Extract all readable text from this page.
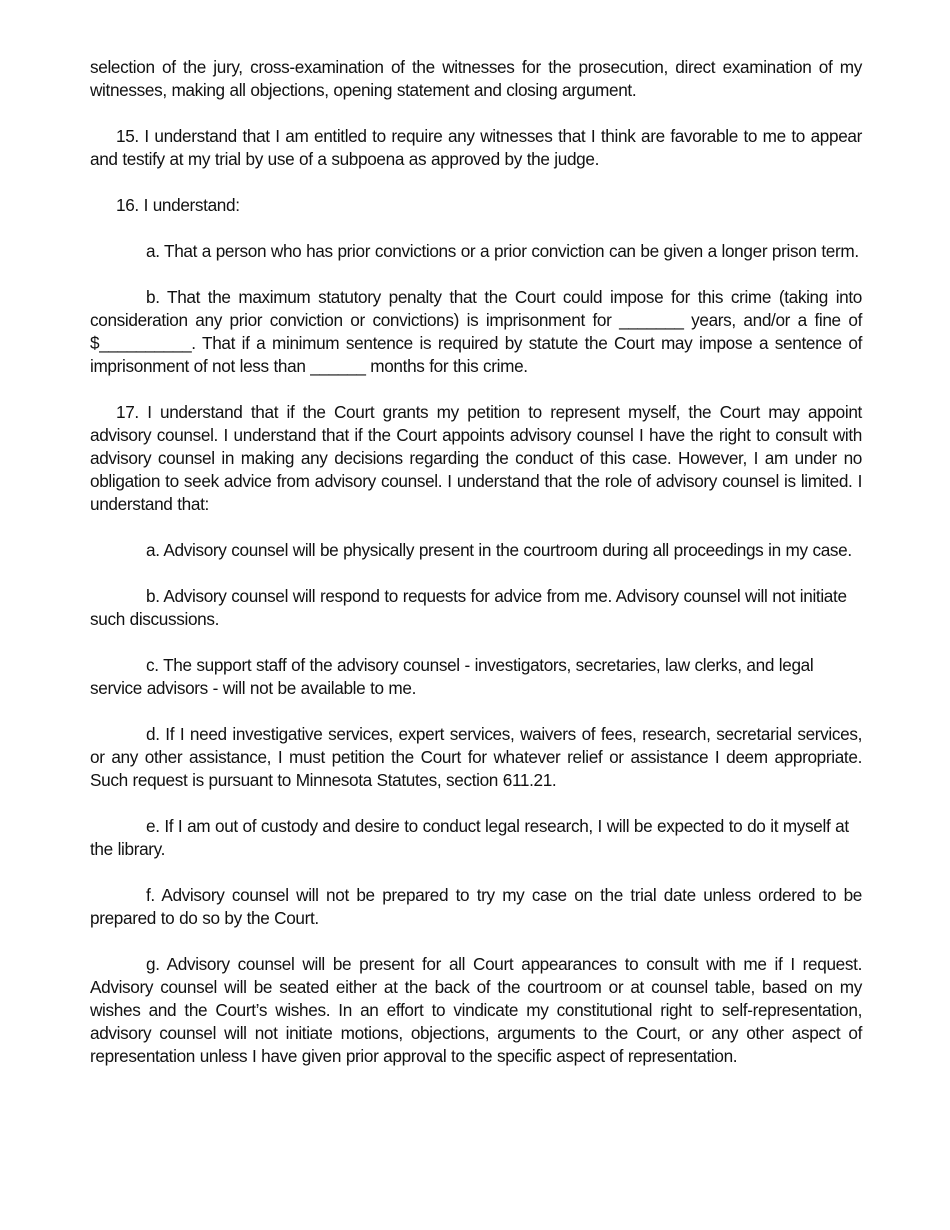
selection of the jury, cross-examination of the witnesses for the prosecution, direct examination of my witnesses, making all objections, opening statement and closing argument.

15. I understand that I am entitled to require any witnesses that I think are favorable to me to appear and testify at my trial by use of a subpoena as approved by the judge.

16. I understand:

a. That a person who has prior convictions or a prior conviction can be given a longer prison term.

b. That the maximum statutory penalty that the Court could impose for this crime (taking into consideration any prior conviction or convictions) is imprisonment for _______ years, and/or a fine of $__________. That if a minimum sentence is required by statute the Court may impose a sentence of imprisonment of not less than ______ months for this crime.

17. I understand that if the Court grants my petition to represent myself, the Court may appoint advisory counsel. I understand that if the Court appoints advisory counsel I have the right to consult with advisory counsel in making any decisions regarding the conduct of this case. However, I am under no obligation to seek advice from advisory counsel. I understand that the role of advisory counsel is limited. I understand that:

a. Advisory counsel will be physically present in the courtroom during all proceedings in my case.

b. Advisory counsel will respond to requests for advice from me. Advisory counsel will not initiate such discussions.

c. The support staff of the advisory counsel - investigators, secretaries, law clerks, and legal service advisors - will not be available to me.

d. If I need investigative services, expert services, waivers of fees, research, secretarial services, or any other assistance, I must petition the Court for whatever relief or assistance I deem appropriate. Such request is pursuant to Minnesota Statutes, section 611.21.

e. If I am out of custody and desire to conduct legal research, I will be expected to do it myself at the library.

f. Advisory counsel will not be prepared to try my case on the trial date unless ordered to be prepared to do so by the Court.

g. Advisory counsel will be present for all Court appearances to consult with me if I request. Advisory counsel will be seated either at the back of the courtroom or at counsel table, based on my wishes and the Court’s wishes. In an effort to vindicate my constitutional right to self-representation, advisory counsel will not initiate motions, objections, arguments to the Court, or any other aspect of representation unless I have given prior approval to the specific aspect of representation.
